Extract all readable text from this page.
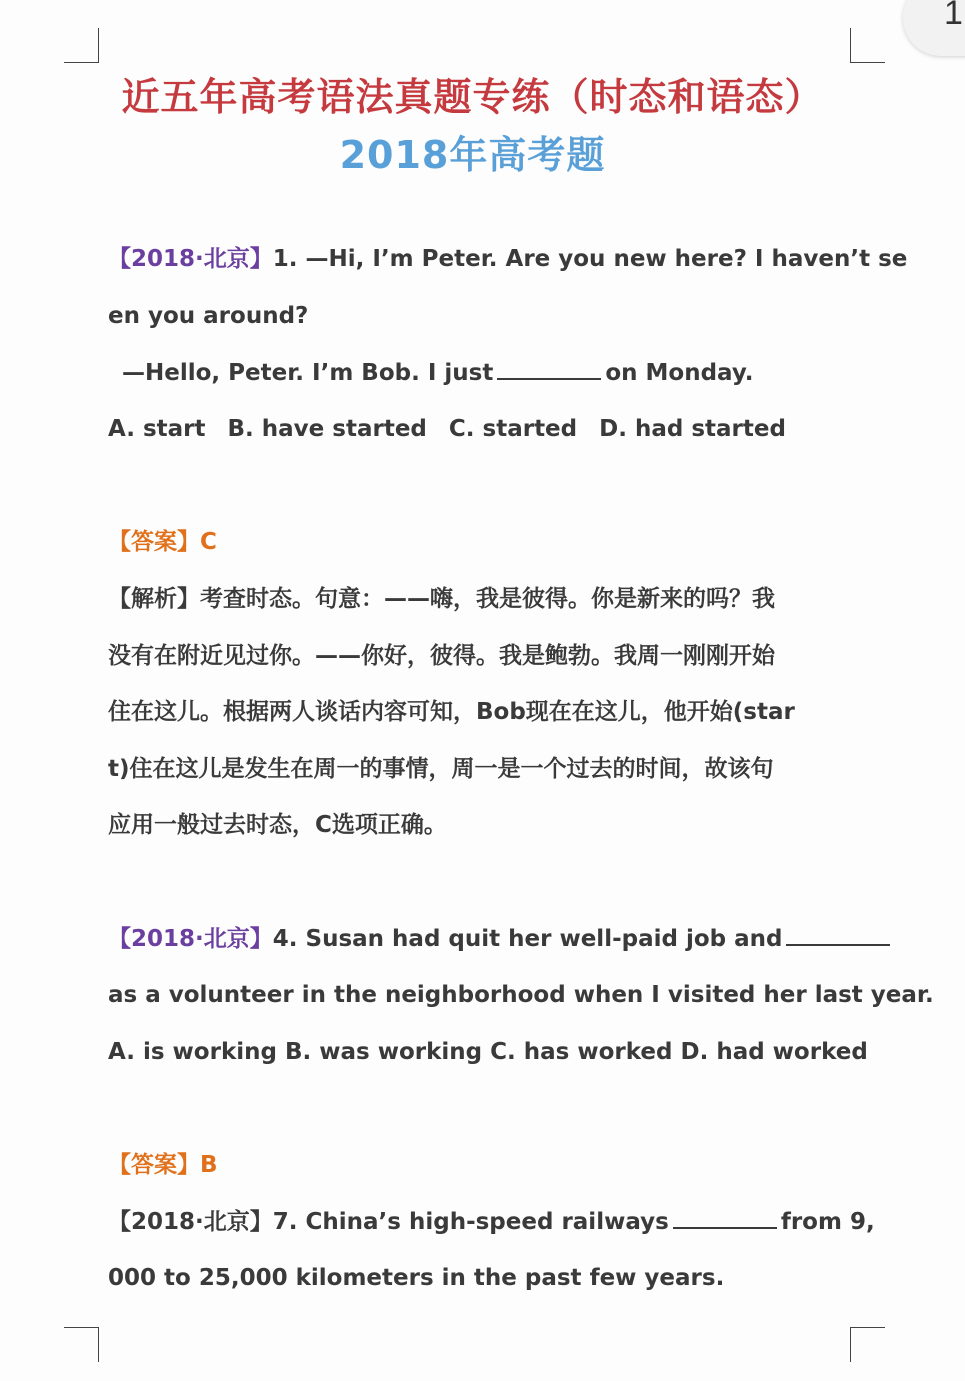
1
近五年高考语法真题专练（时态和语态）
2018年高考题
【2018·北京】1. —Hi, I’m Peter. Are you new here? I haven’t se
en you around?
—Hello, Peter. I’m Bob. I just	on Monday.
A. start B. have started C. started D. had started
【答案】C
【解析】考查时态。句意：——嗨，我是彼得。你是新来的吗？我
没有在附近见过你。——你好，彼得。我是鲍勃。我周一刚刚开始
住在这儿。根据两人谈话内容可知，Bob现在在这儿，他开始(star
t)住在这儿是发生在周一的事情，周一是一个过去的时间，故该句
应用一般过去时态，C选项正确。
【2018·北京】4. Susan had quit her well-paid job and
as a volunteer in the neighborhood when I visited her last year.
A. is working B. was working C. has worked D. had worked
【答案】B
【2018·北京】7. China’s high-speed railways	from 9,
000 to 25,000 kilometers in the past few years.
